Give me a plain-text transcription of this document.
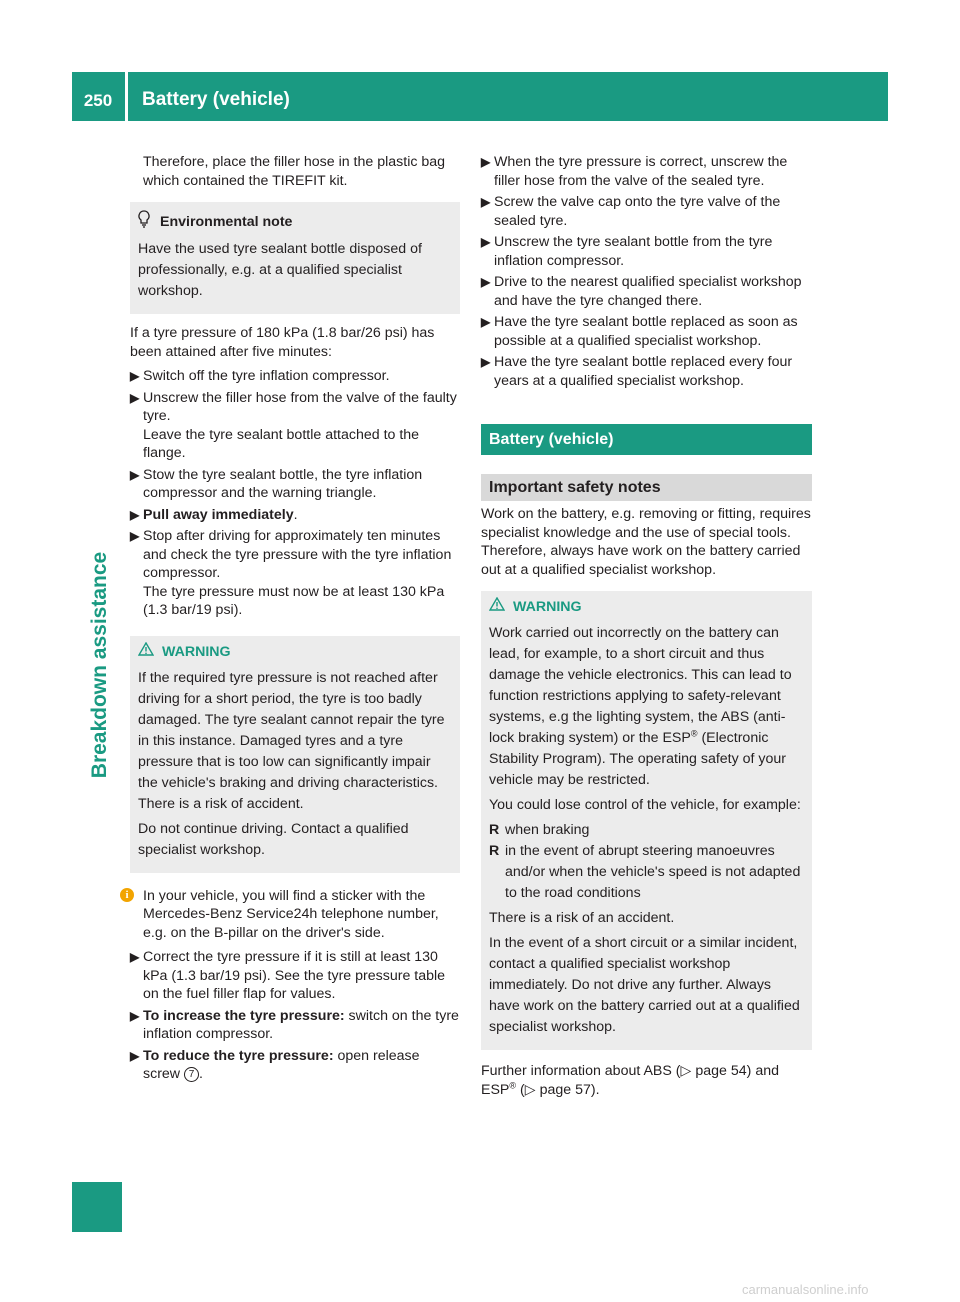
250	Battery (vehicle)
Breakdown assistance

Therefore, place the filler hose in the plastic bag which contained the TIREFIT kit.

Environmental note

Have the used tyre sealant bottle disposed of professionally, e.g. at a qualified specialist workshop.

If a tyre pressure of 180 kPa (1.8 bar/26 psi) has been attained after five minutes:

▶
Switch off the tyre inflation compressor.
▶
Unscrew the filler hose from the valve of the faulty tyre.

Leave the tyre sealant bottle attached to the flange.

▶
Stow the tyre sealant bottle, the tyre inflation compressor and the warning triangle.
▶
Pull away immediately.
▶
Stop after driving for approximately ten minutes and check the tyre pressure with the tyre inflation compressor.

The tyre pressure must now be at least 130 kPa (1.3 bar/19 psi).

WARNING

If the required tyre pressure is not reached after driving for a short period, the tyre is too badly damaged. The tyre sealant cannot repair the tyre in this instance. Damaged tyres and a tyre pressure that is too low can significantly impair the vehicle's braking and driving characteristics. There is a risk of accident.

Do not continue driving. Contact a qualified specialist workshop.

i	In your vehicle, you will find a sticker with the Mercedes-Benz Service24h telephone number, e.g. on the B-pillar on the driver's side.
▶
Correct the tyre pressure if it is still at least 130 kPa (1.3 bar/19 psi). See the tyre pressure table on the fuel filler flap for values.
▶
To increase the tyre pressure: switch on the tyre inflation compressor.
▶
To reduce the tyre pressure: open release screw 7 .
▶
When the tyre pressure is correct, unscrew the filler hose from the valve of the sealed tyre.
▶
Screw the valve cap onto the tyre valve of the sealed tyre.
▶
Unscrew the tyre sealant bottle from the tyre inflation compressor.
▶
Drive to the nearest qualified specialist workshop and have the tyre changed there.
▶
Have the tyre sealant bottle replaced as soon as possible at a qualified specialist workshop.
▶
Have the tyre sealant bottle replaced every four years at a qualified specialist workshop.
Battery (vehicle)
Important safety notes

Work on the battery, e.g. removing or fitting, requires specialist knowledge and the use of special tools. Therefore, always have work on the battery carried out at a qualified specialist workshop.

WARNING

Work carried out incorrectly on the battery can lead, for example, to a short circuit and thus damage the vehicle electronics. This can lead to function restrictions applying to safety-relevant systems, e.g the lighting system, the ABS (anti-lock braking system) or the ESP® (Electronic Stability Program). The operating safety of your vehicle may be restricted.

You could lose control of the vehicle, for example:

R when braking
R in the event of abrupt steering manoeuvres and/or when the vehicle's speed is not adapted to the road conditions

There is a risk of an accident.

In the event of a short circuit or a similar incident, contact a qualified specialist workshop immediately. Do not drive any further. Always have work on the battery carried out at a qualified specialist workshop.

Further information about ABS (▷ page 54) and ESP® (▷ page 57).

carmanualsonline.info
